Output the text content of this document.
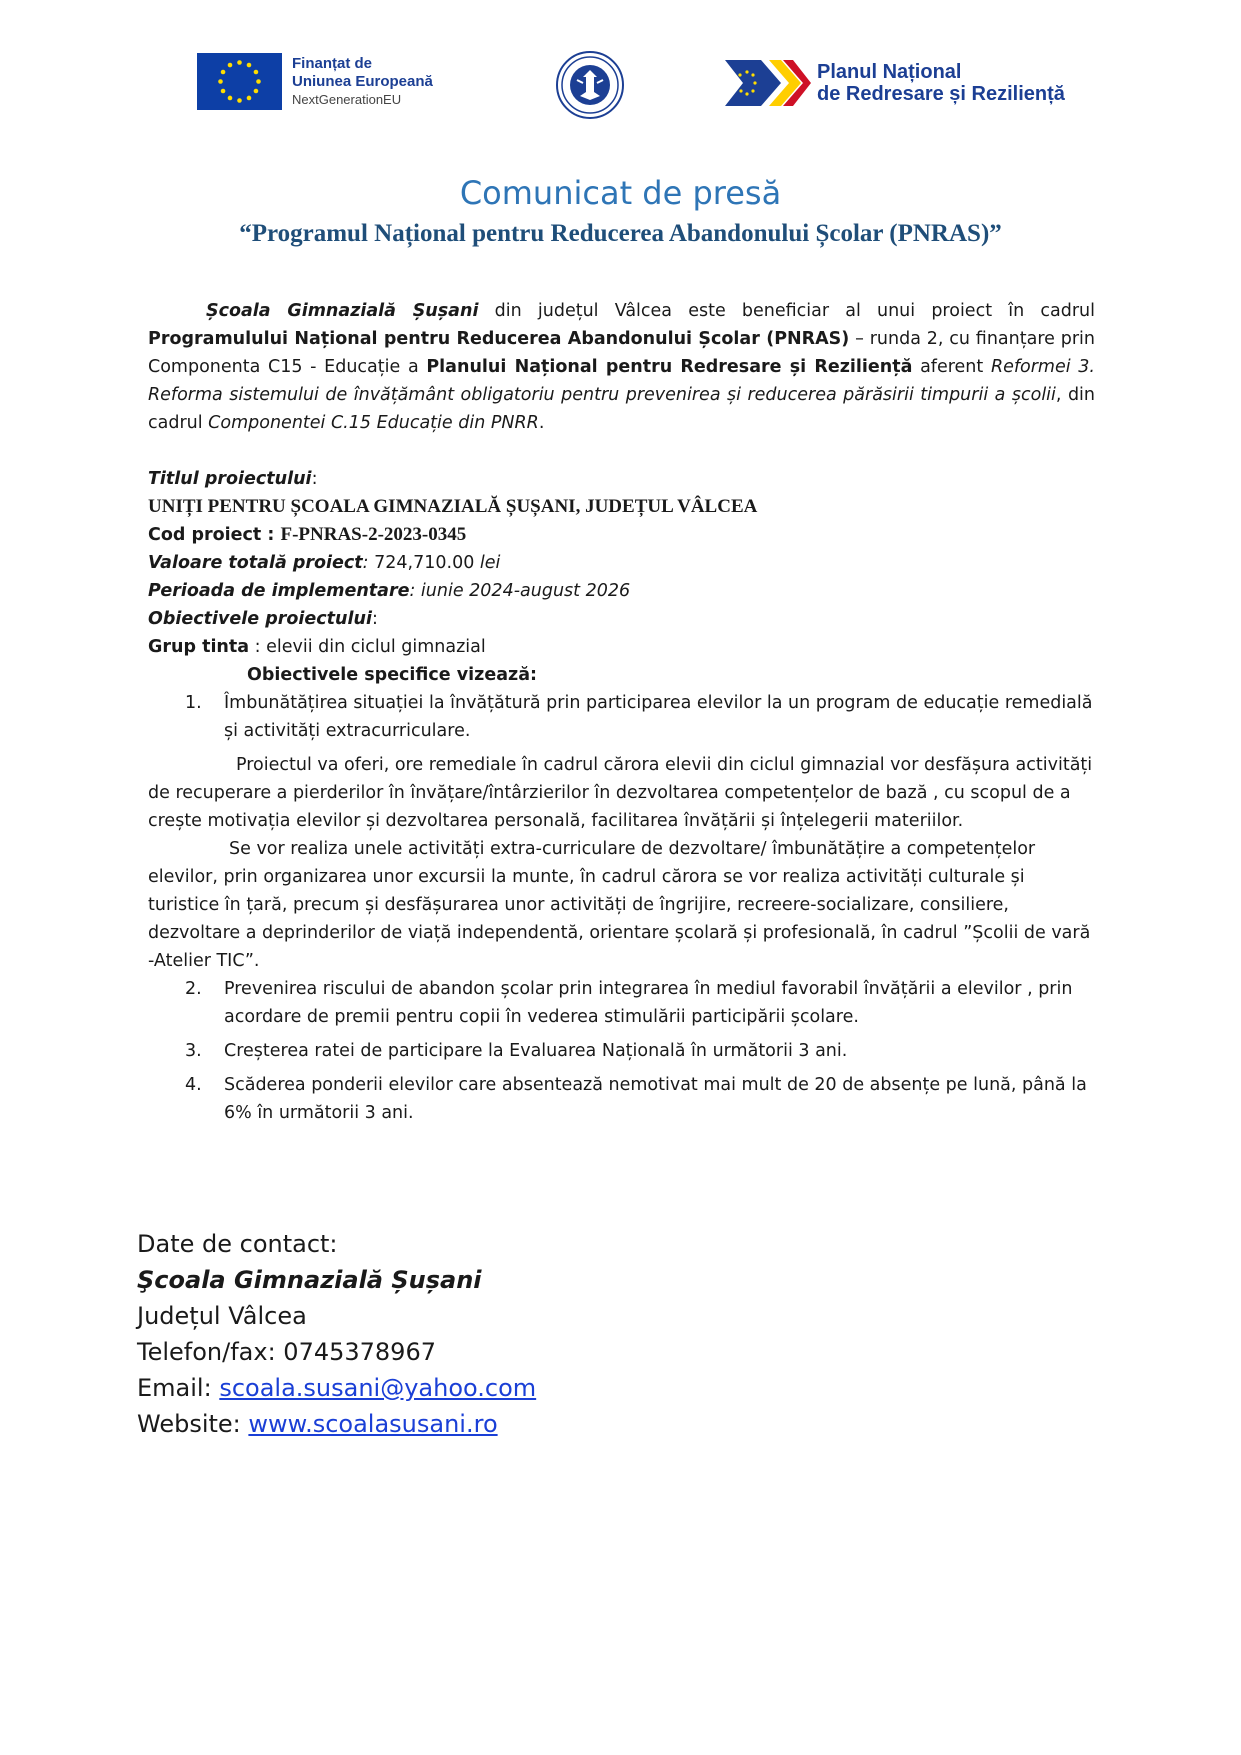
Finanțat de
Uniunea Europeană
NextGenerationEU
Planul Național
de Redresare și Reziliență
Comunicat de presă
“Programul Național pentru Reducerea Abandonului Școlar (PNRAS)”

Școala Gimnazială Șușani din județul Vâlcea este beneficiar al unui proiect în cadrul Programulului Național pentru Reducerea Abandonului Școlar (PNRAS) – runda 2, cu finanțare prin Componenta C15 - Educație a Planului Național pentru Redresare și Reziliență aferent Reformei 3. Reforma sistemului de învățământ obligatoriu pentru prevenirea și reducerea părăsirii timpurii a școlii, din cadrul Componentei C.15 Educație din PNRR.

Titlul proiectului:

UNIȚI PENTRU ȘCOALA GIMNAZIALĂ ȘUȘANI, JUDEȚUL VÂLCEA

Cod proiect : F-PNRAS-2-2023-0345

Valoare totală proiect: 724,710.00 lei

Perioada de implementare: iunie 2024-august 2026

Obiectivele proiectului:

Grup tinta : elevii din ciclul gimnazial

Obiectivele specifice vizează:

1. Îmbunătățirea situației la învățătură prin participarea elevilor la un program de educație remedială și activități extracurriculare.

Proiectul va oferi, ore remediale în cadrul cărora elevii din ciclul gimnazial vor desfășura activități de recuperare a pierderilor în învățare/întârzierilor în dezvoltarea competențelor de bază , cu scopul de a crește motivația elevilor și dezvoltarea personală, facilitarea învățării și înțelegerii materiilor.

Se vor realiza unele activități extra-curriculare de dezvoltare/ îmbunătățire a competențelor elevilor, prin organizarea unor excursii la munte, în cadrul cărora se vor realiza activități culturale și turistice în țară, precum și desfășurarea unor activități de îngrijire, recreere-socializare, consiliere, dezvoltare a deprinderilor de viață independentă, orientare școlară și profesională, în cadrul ”Școlii de vară -Atelier TIC”.

2. Prevenirea riscului de abandon școlar prin integrarea în mediul favorabil învățării a elevilor , prin acordare de premii pentru copii în vederea stimulării participării școlare.
3. Creșterea ratei de participare la Evaluarea Națională în următorii 3 ani.
4. Scăderea ponderii elevilor care absentează nemotivat mai mult de 20 de absențe pe lună, până la 6% în următorii 3 ani.
Date de contact:
Şcoala Gimnazială Șușani
Județul Vâlcea
Telefon/fax: 0745378967
Email: scoala.susani@yahoo.com
Website: www.scoalasusani.ro
